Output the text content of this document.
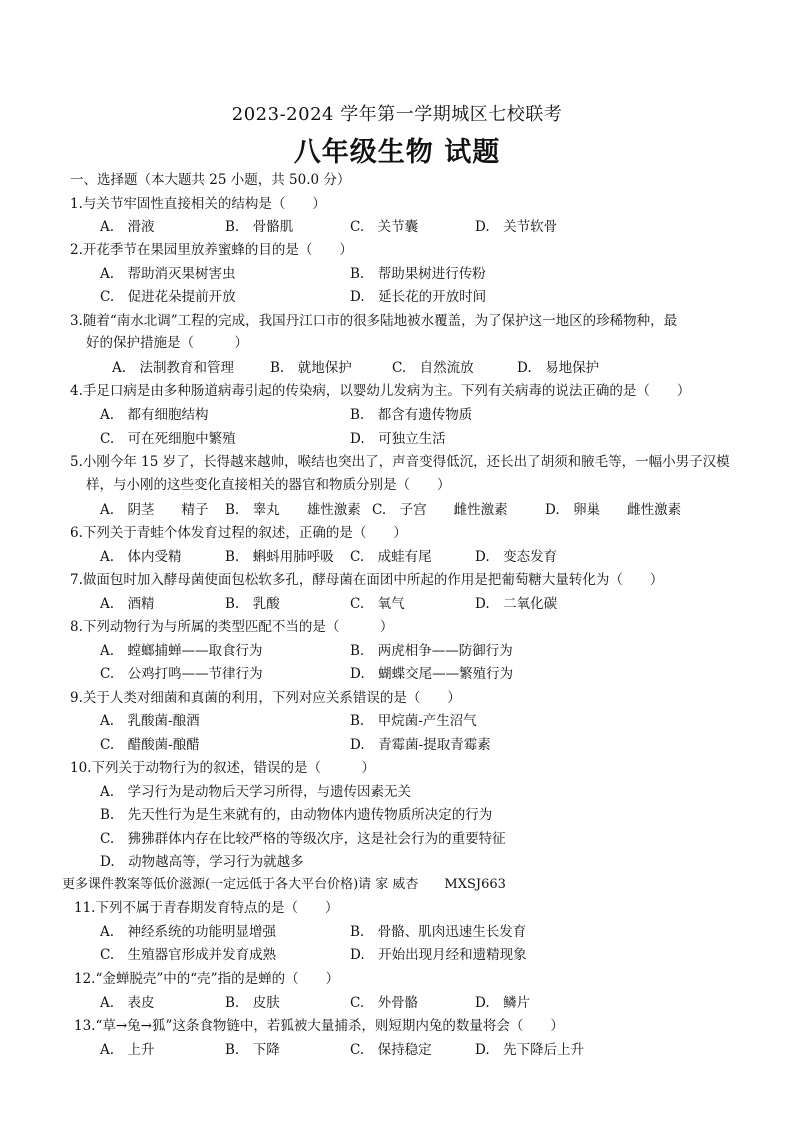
2023-2024 学年第一学期城区七校联考
八年级生物 试题
一、选择题（本大题共 25 小题，共 50.0 分）
1.与关节牢固性直接相关的结构是（　　）
A.　滑液	B.　骨骼肌	C.　关节囊	D.　关节软骨
2.开花季节在果园里放养蜜蜂的目的是（　　）
A.　帮助消灭果树害虫	B.　帮助果树进行传粉
C.　促进花朵提前开放	D.　延长花的开放时间
3.随着“南水北调”工程的完成，我国丹江口市的很多陆地被水覆盖，为了保护这一地区的珍稀物种，最
好的保护措施是（　　　）
A.　法制教育和管理	B.　就地保护	C.　自然流放	D.　易地保护
4.手足口病是由多种肠道病毒引起的传染病，以婴幼儿发病为主。下列有关病毒的说法正确的是（　　）
A.　都有细胞结构	B.　都含有遗传物质
C.　可在死细胞中繁殖	D.　可独立生活
5.小刚今年 15 岁了，长得越来越帅，喉结也突出了，声音变得低沉，还长出了胡须和腋毛等，一幅小男子汉模
样，与小刚的这些变化直接相关的器官和物质分别是（　　）
A.　阴茎　　精子 B.　睾丸　　雄性激素 C.　子宫　　雌性激素	D.　卵巢　　雌性激素
6.下列关于青蛙个体发育过程的叙述，正确的是（　　）
A.　体内受精	B.　蝌蚪用肺呼吸 C.　成蛙有尾	D.　变态发育
7.做面包时加入酵母菌使面包松软多孔，酵母菌在面团中所起的作用是把葡萄糖大量转化为（　　）
A.　酒精	B.　乳酸	C.　氧气	D.　二氧化碳
8.下列动物行为与所属的类型匹配不当的是（　　　）
A.　螳螂捕蝉——取食行为	B.　两虎相争——防御行为
C.　公鸡打鸣——节律行为	D.　蝴蝶交尾——繁殖行为
9.关于人类对细菌和真菌的利用，下列对应关系错误的是（　　）
A.　乳酸菌-酿酒	B.　甲烷菌-产生沼气
C.　醋酸菌-酿醋	D.　青霉菌-提取青霉素
10.下列关于动物行为的叙述，错误的是（　　　）
A.　学习行为是动物后天学习所得，与遗传因素无关
B.　先天性行为是生来就有的，由动物体内遗传物质所决定的行为
C.　狒狒群体内存在比较严格的等级次序，这是社会行为的重要特征
D.　动物越高等，学习行为就越多
更多课件教案等低价滋源(一定远低于各大平台价格)请 家 威杏　　MXSJ663
11.下列不属于青春期发育特点的是（　　）
A.　神经系统的功能明显增强	B.　骨骼、肌肉迅速生长发育
C.　生殖器官形成并发育成熟	D.　开始出现月经和遗精现象
12.“金蝉脱壳”中的“壳”指的是蝉的（　　）
A.　表皮	B.　皮肤	C.　外骨骼	D.　鳞片
13.“草→兔→狐”这条食物链中，若狐被大量捕杀，则短期内兔的数量将会（　　）
A.　上升	B.　下降	C.　保持稳定	D.　先下降后上升
